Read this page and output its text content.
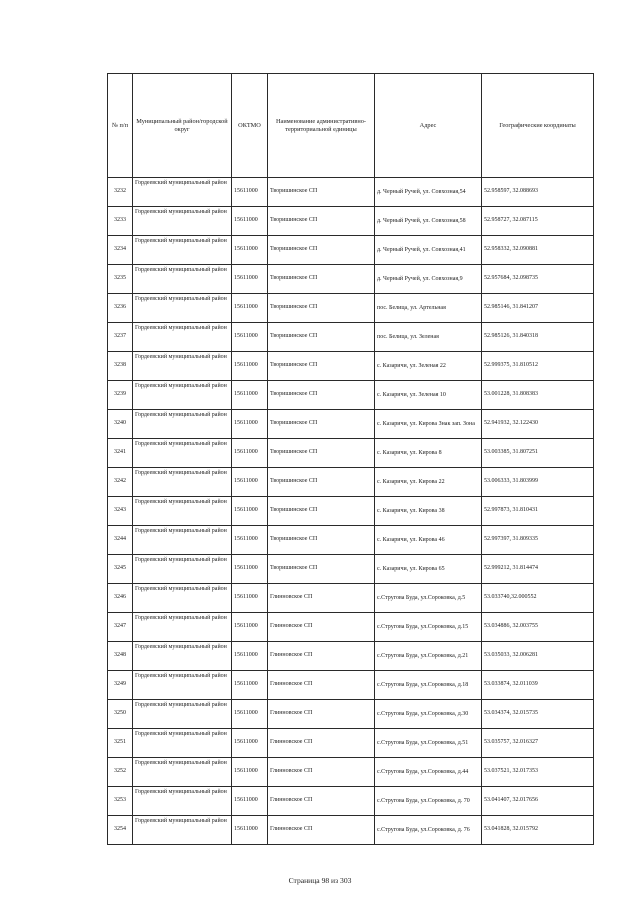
№ п/п	Муниципальный район/городской округ	ОКТМО	Наименование административно-территориальной единицы	Адрес	Географические координаты
3232	Гордеевский муниципальный район	15611000	Творишинское СП	д. Черный Ручей, ул. Совхозная,54	52.958597, 32.088693
3233	Гордеевский муниципальный район	15611000	Творишинское СП	д. Черный Ручей, ул. Совхозная,58	52.958727, 32.087115
3234	Гордеевский муниципальный район	15611000	Творишинское СП	д. Черный Ручей, ул. Совхозная,41	52.958332, 32.090881
3235	Гордеевский муниципальный район	15611000	Творишинское СП	д. Черный Ручей, ул. Совхозная,9	52.957684, 32.098735
3236	Гордеевский муниципальный район	15611000	Творишинское СП	пос. Белица, ул. Артельная	52.985146, 31.841207
3237	Гордеевский муниципальный район	15611000	Творишинское СП	пос. Белица, ул. Зеленая	52.985126, 31.840318
3238	Гордеевский муниципальный район	15611000	Творишинское СП	с. Казаричи, ул. Зеленая 22	52.999375, 31.810512
3239	Гордеевский муниципальный район	15611000	Творишинское СП	с. Казаричи, ул. Зеленая 10	53.001228, 31.808383
3240	Гордеевский муниципальный район	15611000	Творишинское СП	с. Казаричи, ул. Кирова Знак зап. Зона	52.941932, 32.122430
3241	Гордеевский муниципальный район	15611000	Творишинское СП	с. Казаричи, ул. Кирова 8	53.003385, 31.807251
3242	Гордеевский муниципальный район	15611000	Творишинское СП	с. Казаричи, ул. Кирова 22	53.006333, 31.803999
3243	Гордеевский муниципальный район	15611000	Творишинское СП	с. Казаричи, ул. Кирова 38	52.997873, 31.810431
3244	Гордеевский муниципальный район	15611000	Творишинское СП	с. Казаричи, ул. Кирова 46	52.997397, 31.809335
3245	Гордеевский муниципальный район	15611000	Творишинское СП	с. Казаричи, ул. Кирова 65	52.999212, 31.814474
3246	Гордеевский муниципальный район	15611000	Глинновское СП	с.Стругова Буда, ул.Сороковка, д.5	53.033740,32.000552
3247	Гордеевский муниципальный район	15611000	Глинновское СП	с.Стругова Буда, ул.Сороковка, д.15	53.034886, 32.003755
3248	Гордеевский муниципальный район	15611000	Глинновское СП	с.Стругова Буда, ул.Сороковка, д.21	53.035033, 32.006281
3249	Гордеевский муниципальный район	15611000	Глинновское СП	с.Стругова Буда, ул.Сороковка, д.18	53.033874, 32.011039
3250	Гордеевский муниципальный район	15611000	Глинновское СП	с.Стругова Буда, ул.Сороковка, д.30	53.034374, 32.015735
3251	Гордеевский муниципальный район	15611000	Глинновское СП	с.Стругова Буда, ул.Сороковка, д.51	53.035757, 32.016327
3252	Гордеевский муниципальный район	15611000	Глинновское СП	с.Стругова Буда, ул.Сороковка, д.44	53.037521, 32.017353
3253	Гордеевский муниципальный район	15611000	Глинновское СП	с.Стругова Буда, ул.Сороковка, д. 70	53.041407, 32.017656
3254	Гордеевский муниципальный район	15611000	Глинновское СП	с.Стругова Буда, ул.Сороковка, д. 76	53.041828, 32.015792
Страница 98 из 303
